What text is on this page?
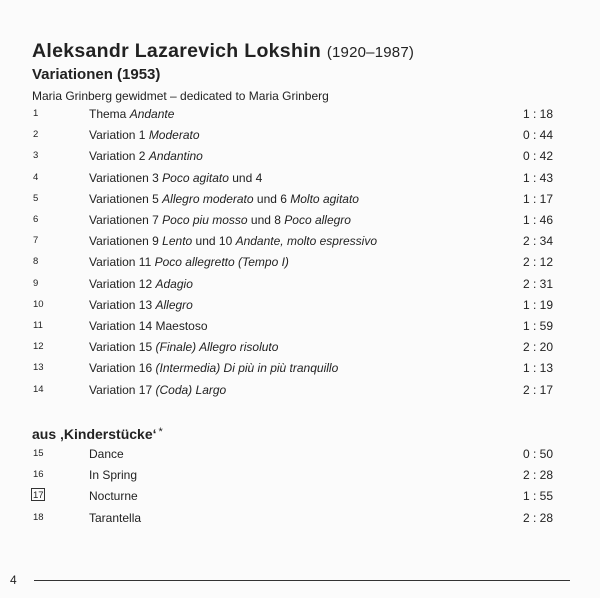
Aleksandr Lazarevich Lokshin (1920–1987)
Variationen (1953)
Maria Grinberg gewidmet – dedicated to Maria Grinberg
1	Thema Andante	1 : 18
2	Variation 1 Moderato	0 : 44
3	Variation 2 Andantino	0 : 42
4	Variationen 3 Poco agitato und 4	1 : 43
5	Variationen 5 Allegro moderato und 6 Molto agitato	1 : 17
6	Variationen 7 Poco piu mosso und 8 Poco allegro	1 : 46
7	Variationen 9 Lento und 10 Andante, molto espressivo	2 : 34
8	Variation 11 Poco allegretto (Tempo I)	2 : 12
9	Variation 12 Adagio	2 : 31
10	Variation 13 Allegro	1 : 19
11	Variation 14 Maestoso	1 : 59
12	Variation 15 (Finale) Allegro risoluto	2 : 20
13	Variation 16 (Intermedia) Di più in più tranquillo	1 : 13
14	Variation 17 (Coda) Largo	2 : 17
aus ‚Kinderstücke‘ *
15	Dance	0 : 50
16	In Spring	2 : 28
17	Nocturne	1 : 55
18	Tarantella	2 : 28
4
